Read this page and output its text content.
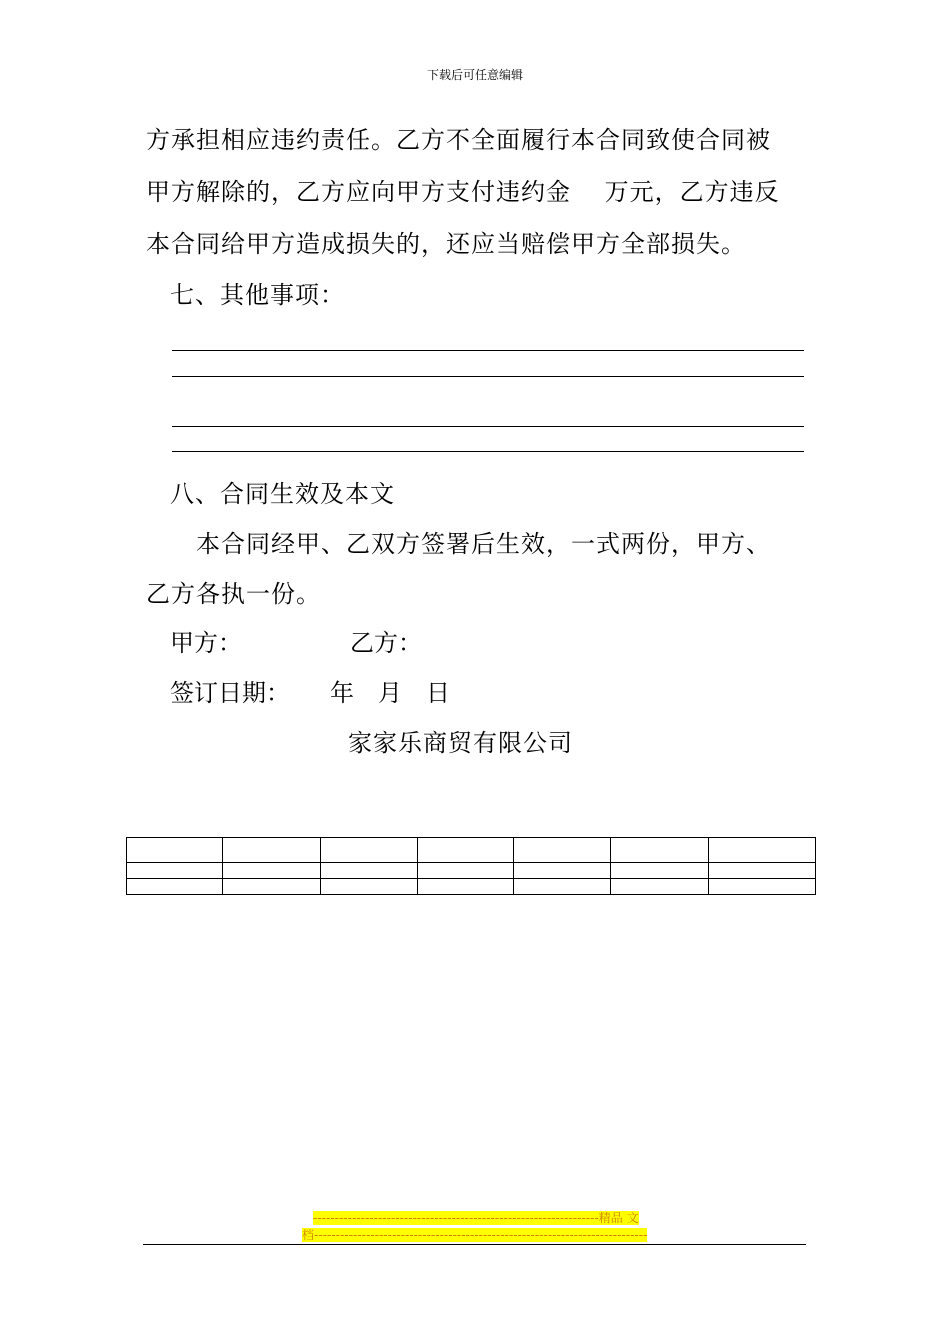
下载后可任意编辑
方承担相应违约责任。乙方不全面履行本合同致使合同被
甲方解除的，乙方应向甲方支付违约金　 万元，乙方违反
本合同给甲方造成损失的，还应当赔偿甲方全部损失。
七、其他事项：
八、合同生效及本文
本合同经甲、乙双方签署后生效，一式两份，甲方、
乙方各执一份。
甲方：	乙方：
签订日期： 年　月　日
家家乐商贸有限公司

------------------------------------------------------------------精品 文
档-----------------------------------------------------------------------------
